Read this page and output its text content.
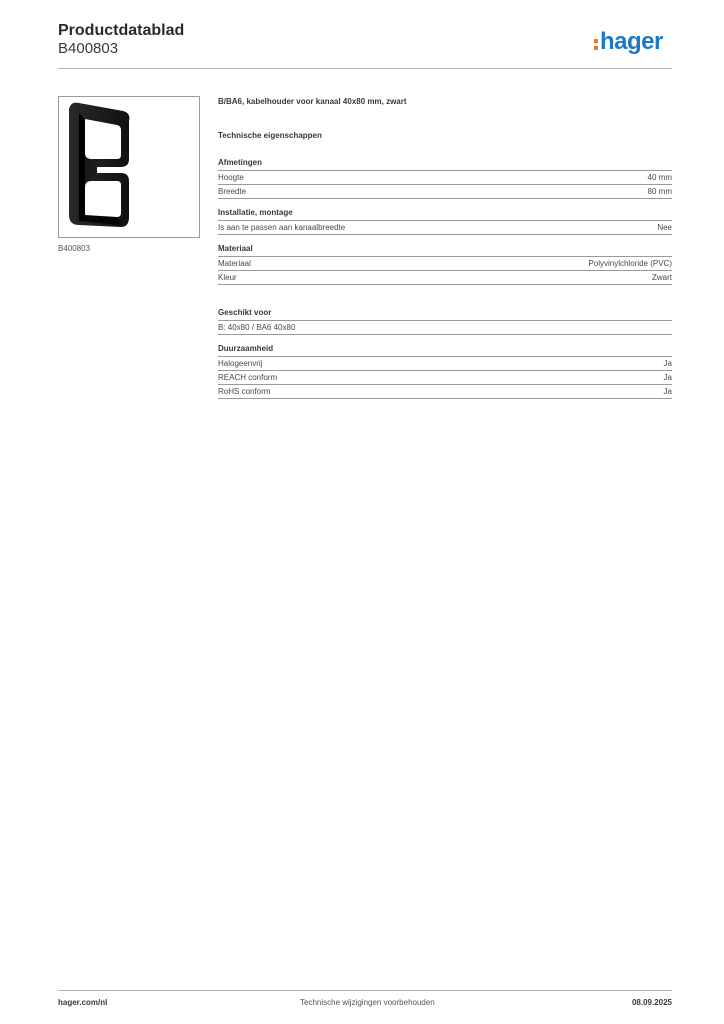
Productdatablad
B400803	hager
B400803
B/BA6, kabelhouder voor kanaal 40x80 mm, zwart
Technische eigenschappen
Afmetingen
Hoogte	40 mm
Breedte	80 mm
Installatie, montage
Is aan te passen aan kanaalbreedte	Nee
Materiaal
Materiaal	Polyvinylchloride (PVC)
Kleur	Zwart
Geschikt voor
B: 40x80 / BA6 40x80
Duurzaamheid
Halogeenvrij	Ja
REACH conform	Ja
RoHS conform	Ja
hager.com/nl	Technische wijzigingen voorbehouden	08.09.2025
